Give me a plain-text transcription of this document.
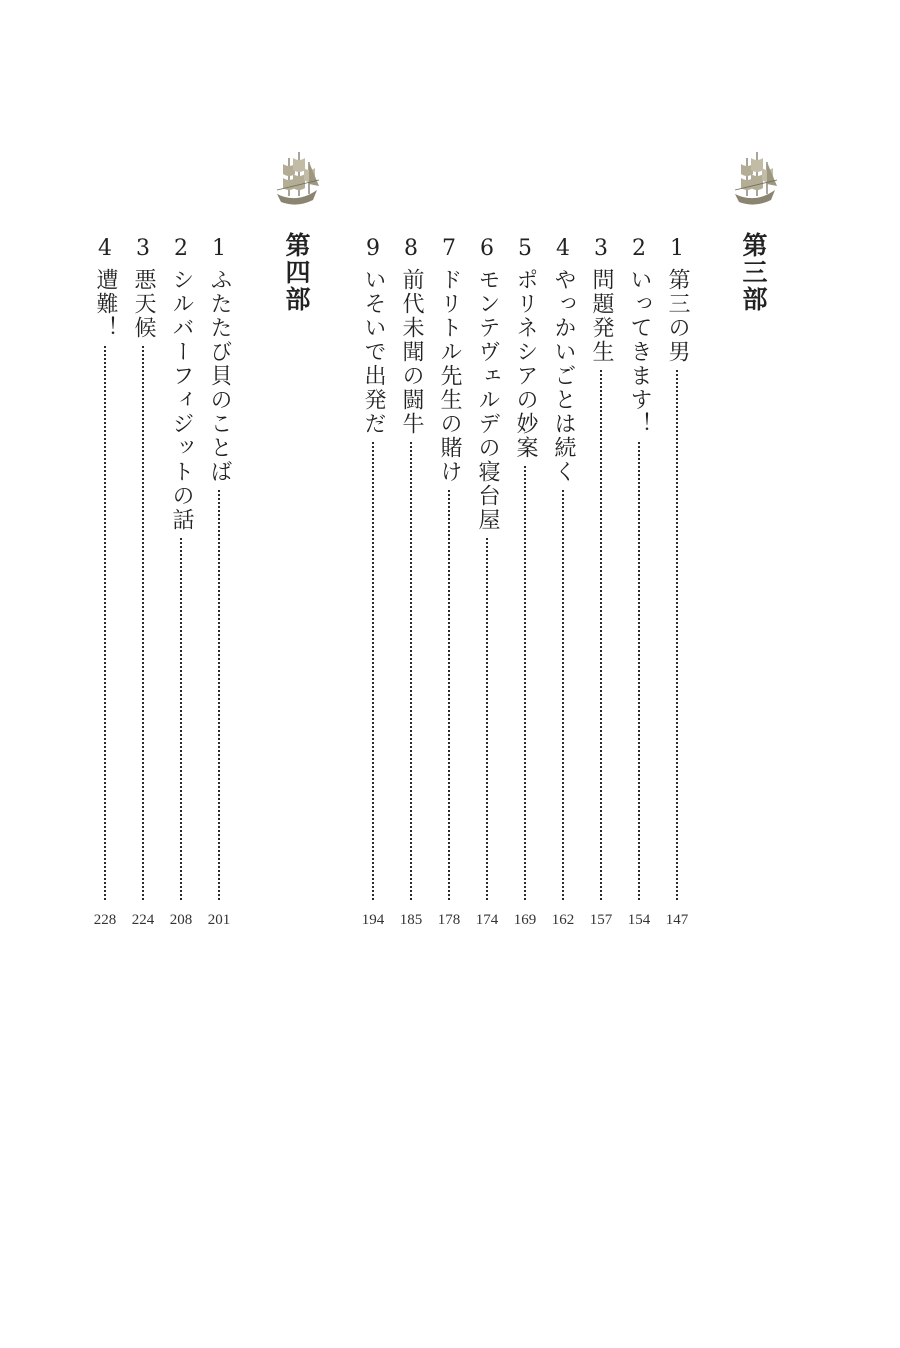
第三部
1
第三の男
147
2
いってきます！
154
3
問題発生
157
4
やっかいごとは続く
162
5
ポリネシアの妙案
169
6
モンテヴェルデの寝台屋
174
7
ドリトル先生の賭け
178
8
前代未聞の闘牛
185
9
いそいで出発だ
194
第四部
1
ふたたび貝のことば
201
2
シルバーフィジットの話
208
3
悪天候
224
4
遭難！
228
